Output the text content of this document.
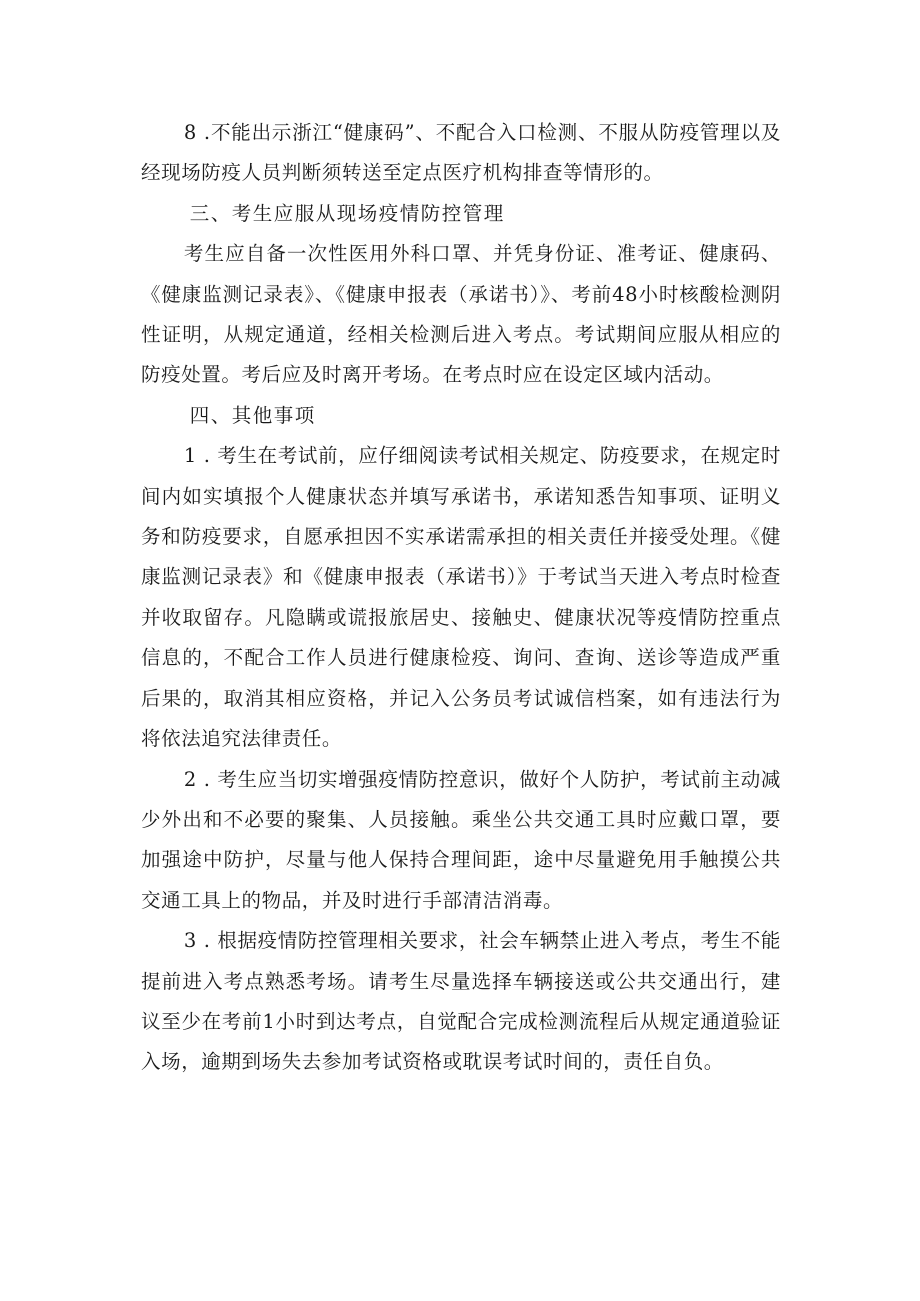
8 .不能出示浙江“健康码”、不配合入口检测、不服从防疫管理以及经现场防疫人员判断须转送至定点医疗机构排查等情形的。

三、考生应服从现场疫情防控管理

考生应自备一次性医用外科口罩、并凭身份证、准考证、健康码、《健康监测记录表》、《健康申报表（承诺书）》、考前48小时核酸检测阴性证明，从规定通道，经相关检测后进入考点。考试期间应服从相应的防疫处置。考后应及时离开考场。在考点时应在设定区域内活动。

四、其他事项

1 . 考生在考试前，应仔细阅读考试相关规定、防疫要求，在规定时间内如实填报个人健康状态并填写承诺书，承诺知悉告知事项、证明义务和防疫要求，自愿承担因不实承诺需承担的相关责任并接受处理。《健康监测记录表》和《健康申报表（承诺书）》于考试当天进入考点时检查并收取留存。凡隐瞒或谎报旅居史、接触史、健康状况等疫情防控重点信息的，不配合工作人员进行健康检疫、询问、查询、送诊等造成严重后果的，取消其相应资格，并记入公务员考试诚信档案，如有违法行为将依法追究法律责任。

2 . 考生应当切实增强疫情防控意识，做好个人防护，考试前主动减少外出和不必要的聚集、人员接触。乘坐公共交通工具时应戴口罩，要加强途中防护，尽量与他人保持合理间距，途中尽量避免用手触摸公共交通工具上的物品，并及时进行手部清洁消毒。

3 . 根据疫情防控管理相关要求，社会车辆禁止进入考点，考生不能提前进入考点熟悉考场。请考生尽量选择车辆接送或公共交通出行，建议至少在考前1小时到达考点，自觉配合完成检测流程后从规定通道验证入场，逾期到场失去参加考试资格或耽误考试时间的，责任自负。
